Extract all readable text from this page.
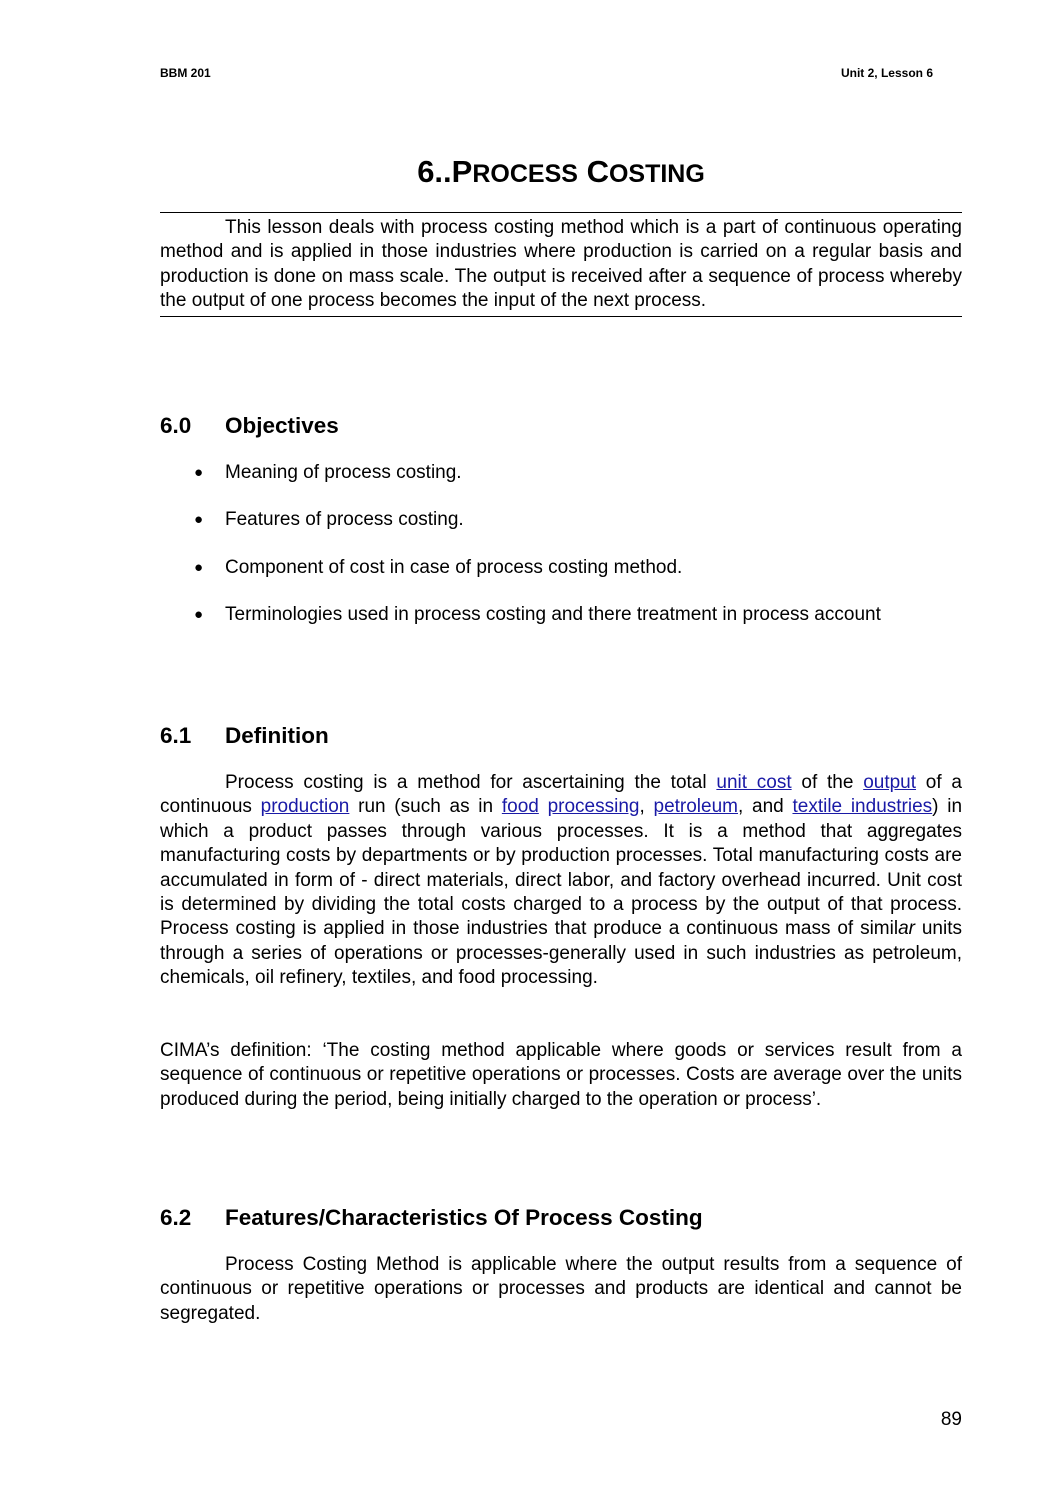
BBM 201	Unit 2, Lesson 6
6..PROCESS COSTING
This lesson deals with process costing method which is a part of continuous operating method and is applied in those industries where production is carried on a regular basis and production is done on mass scale. The output is received after a sequence of process whereby the output of one process becomes the input of the next process.
6.0 Objectives
● Meaning of process costing.
● Features of process costing.
● Component of cost in case of process costing method.
● Terminologies used in process costing and there treatment in process account
6.1 Definition
Process costing is a method for ascertaining the total unit cost of the output of a continuous production run (such as in food processing, petroleum, and textile industries) in which a product passes through various processes. It is a method that aggregates manufacturing costs by departments or by production processes. Total manufacturing costs are accumulated in form of - direct materials, direct labor, and factory overhead incurred. Unit cost is determined by dividing the total costs charged to a process by the output of that process. Process costing is applied in those industries that produce a continuous mass of similar units through a series of operations or processes-generally used in such industries as petroleum, chemicals, oil refinery, textiles, and food processing.
CIMA’s definition: ‘The costing method applicable where goods or services result from a sequence of continuous or repetitive operations or processes. Costs are average over the units produced during the period, being initially charged to the operation or process’.
6.2 Features/Characteristics Of Process Costing
Process Costing Method is applicable where the output results from a sequence of continuous or repetitive operations or processes and products are identical and cannot be segregated.
89
